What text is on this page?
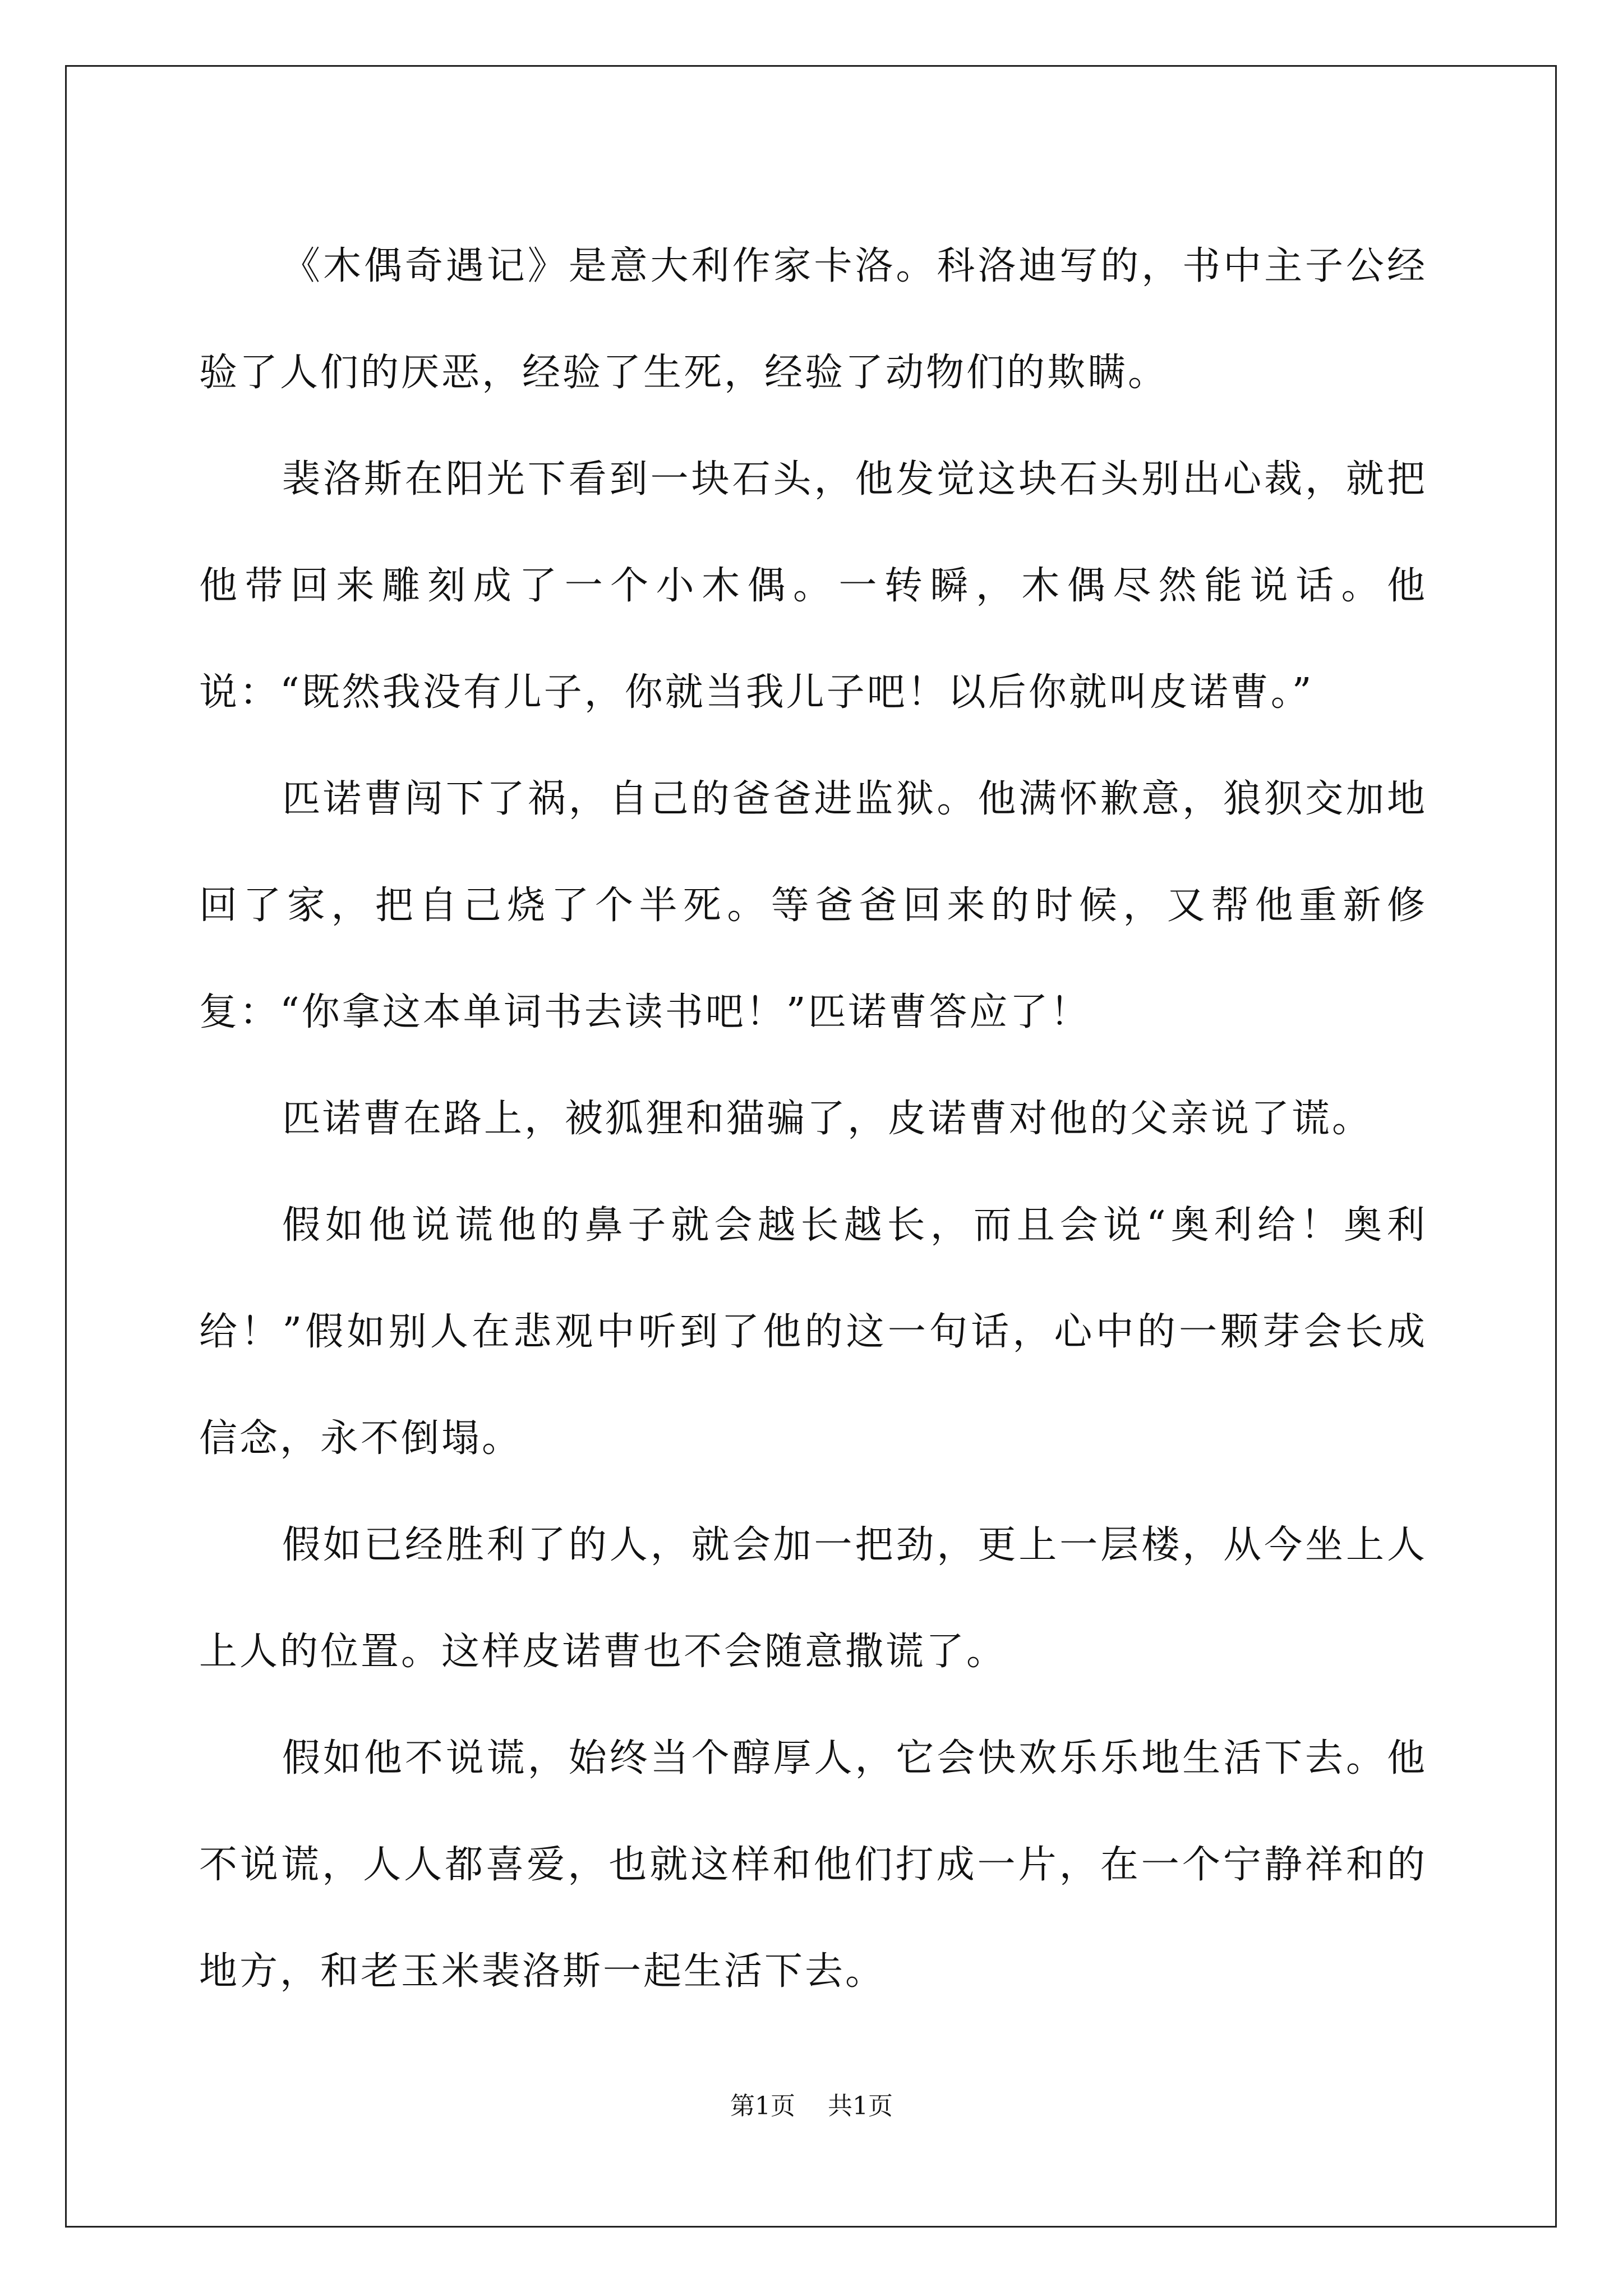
《木偶奇遇记》是意大利作家卡洛。科洛迪写的，书中主子公经验了人们的厌恶，经验了生死，经验了动物们的欺瞒。

裴洛斯在阳光下看到一块石头，他发觉这块石头别出心裁，就把他带回来雕刻成了一个小木偶。一转瞬，木偶尽然能说话。他说：“既然我没有儿子，你就当我儿子吧！以后你就叫皮诺曹。”

匹诺曹闯下了祸，自己的爸爸进监狱。他满怀歉意，狼狈交加地回了家，把自己烧了个半死。等爸爸回来的时候，又帮他重新修复：“你拿这本单词书去读书吧！”匹诺曹答应了！

匹诺曹在路上，被狐狸和猫骗了，皮诺曹对他的父亲说了谎。

假如他说谎他的鼻子就会越长越长，而且会说“奥利给！奥利给！”假如别人在悲观中听到了他的这一句话，心中的一颗芽会长成信念，永不倒塌。

假如已经胜利了的人，就会加一把劲，更上一层楼，从今坐上人上人的位置。这样皮诺曹也不会随意撒谎了。

假如他不说谎，始终当个醇厚人，它会快欢乐乐地生活下去。他不说谎，人人都喜爱，也就这样和他们打成一片，在一个宁静祥和的地方，和老玉米裴洛斯一起生活下去。

第1页 共1页
